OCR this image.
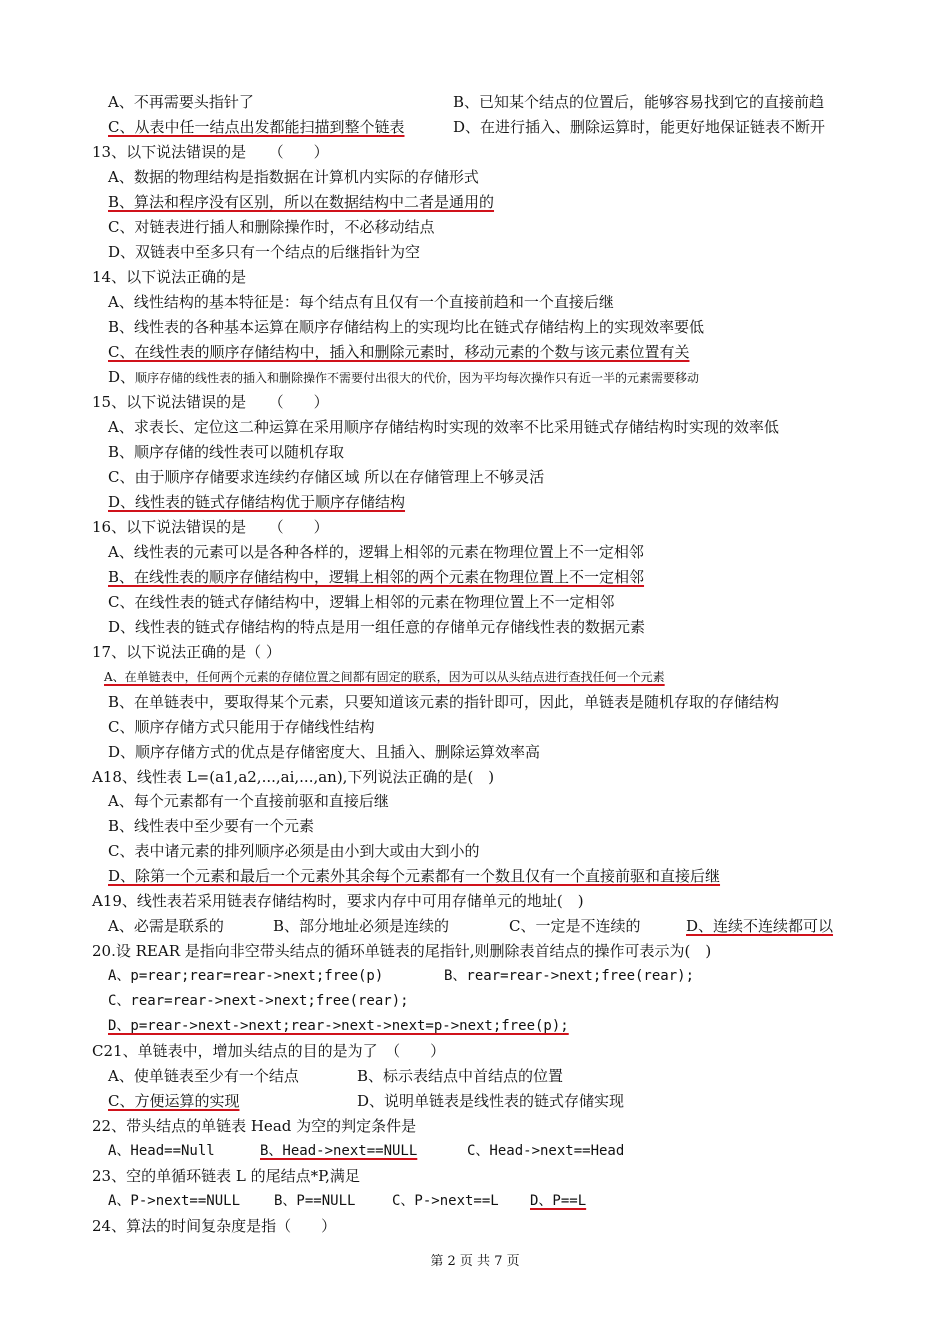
A、不再需要头指针了	B、已知某个结点的位置后，能够容易找到它的直接前趋
C、从表中任一结点出发都能扫描到整个链表	D、在进行插入、删除运算时，能更好地保证链表不断开
13、以下说法错误的是　　（　　）
A、数据的物理结构是指数据在计算机内实际的存储形式
B、算法和程序没有区别，所以在数据结构中二者是通用的
C、对链表进行插人和删除操作时，不必移动结点
D、双链表中至多只有一个结点的后继指针为空
14、以下说法正确的是
A、线性结构的基本特征是：每个结点有且仅有一个直接前趋和一个直接后继
B、线性表的各种基本运算在顺序存储结构上的实现均比在链式存储结构上的实现效率要低
C、在线性表的顺序存储结构中，插入和删除元素时，移动元素的个数与该元素位置有关
D、顺序存储的线性表的插入和删除操作不需要付出很大的代价，因为平均每次操作只有近一半的元素需要移动
15、以下说法错误的是　　（　　）
A、求表长、定位这二种运算在采用顺序存储结构时实现的效率不比采用链式存储结构时实现的效率低
B、顺序存储的线性表可以随机存取
C、由于顺序存储要求连续约存储区域 所以在存储管理上不够灵活
D、线性表的链式存储结构优于顺序存储结构
16、以下说法错误的是　　（　　）
A、线性表的元素可以是各种各样的，逻辑上相邻的元素在物理位置上不一定相邻
B、在线性表的顺序存储结构中，逻辑上相邻的两个元素在物理位置上不一定相邻
C、在线性表的链式存储结构中，逻辑上相邻的元素在物理位置上不一定相邻
D、线性表的链式存储结构的特点是用一组任意的存储单元存储线性表的数据元素
17、以下说法正确的是（ ）
A、在单链表中，任何两个元素的存储位置之间都有固定的联系，因为可以从头结点进行查找任何一个元素
B、在单链表中，要取得某个元素，只要知道该元素的指针即可，因此，单链表是随机存取的存储结构
C、顺序存储方式只能用于存储线性结构
D、顺序存储方式的优点是存储密度大、且插入、删除运算效率高
A18、线性表 L=(a1,a2,...,ai,...,an),下列说法正确的是(　)
A、每个元素都有一个直接前驱和直接后继
B、线性表中至少要有一个元素
C、表中诸元素的排列顺序必须是由小到大或由大到小的
D、除第一个元素和最后一个元素外其余每个元素都有一个数且仅有一个直接前驱和直接后继
A19、线性表若采用链表存储结构时，要求内存中可用存储单元的地址(　)
A、必需是联系的	B、部分地址必须是连续的	C、一定是不连续的	D、连续不连续都可以
20.设 REAR 是指向非空带头结点的循环单链表的尾指针,则删除表首结点的操作可表示为(　)
A、p=rear;rear=rear->next;free(p)	B、rear=rear->next;free(rear);
C、rear=rear->next->next;free(rear);
D、p=rear->next->next;rear->next->next=p->next;free(p);
C21、单链表中，增加头结点的目的是为了　（　　）
A、使单链表至少有一个结点	B、标示表结点中首结点的位置
C、方便运算的实现	D、说明单链表是线性表的链式存储实现
22、带头结点的单链表 Head 为空的判定条件是
A、Head==Null	B、Head->next==NULL	C、Head->next==Head
23、空的单循环链表 L 的尾结点*P,满足
A、P->next==NULL B、P==NULL	C、P->next==L D、P==L
24、算法的时间复杂度是指（　　）
第 2 页 共 7 页
